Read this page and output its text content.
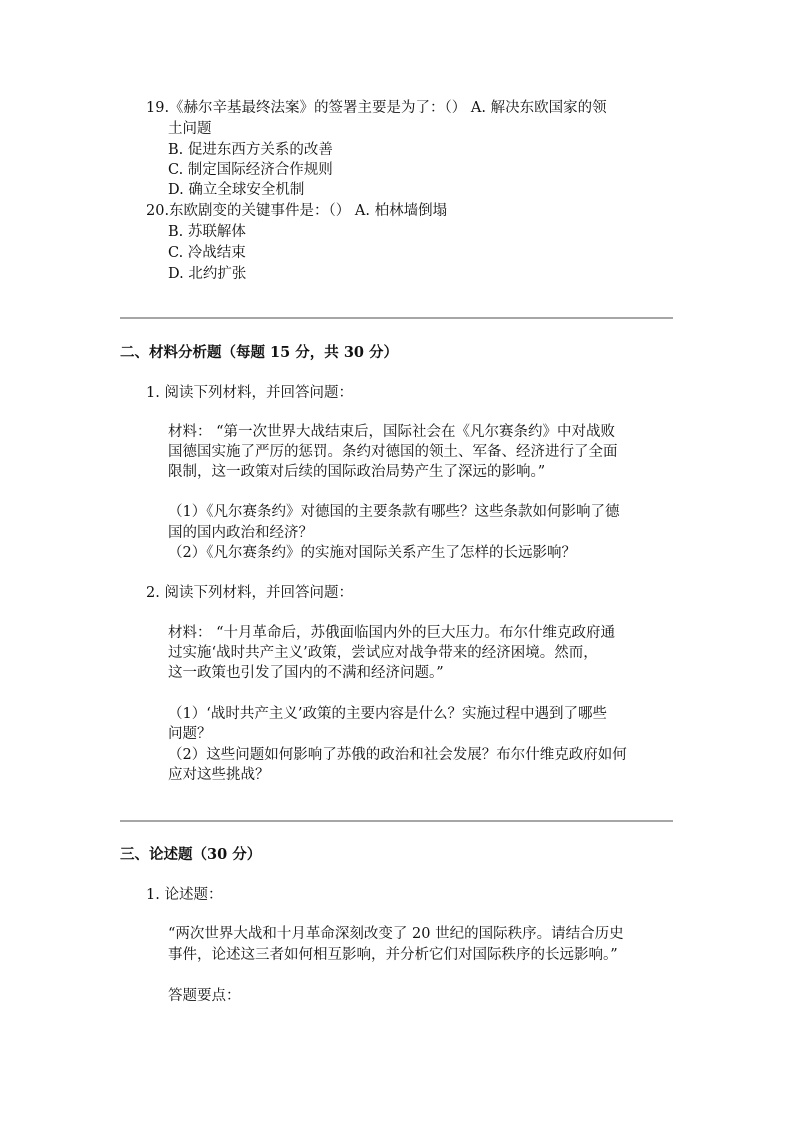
19.《赫尔辛基最终法案》的签署主要是为了：（） A. 解决东欧国家的领
土问题
B. 促进东西方关系的改善
C. 制定国际经济合作规则
D. 确立全球安全机制
20.东欧剧变的关键事件是：（） A. 柏林墙倒塌
B. 苏联解体
C. 冷战结束
D. 北约扩张
二、材料分析题（每题 15 分，共 30 分）
1. 阅读下列材料，并回答问题：
材料： “第一次世界大战结束后，国际社会在《凡尔赛条约》中对战败
国德国实施了严厉的惩罚。条约对德国的领土、军备、经济进行了全面
限制，这一政策对后续的国际政治局势产生了深远的影响。”
（1）《凡尔赛条约》对德国的主要条款有哪些？这些条款如何影响了德
国的国内政治和经济？
（2）《凡尔赛条约》的实施对国际关系产生了怎样的长远影响？
2. 阅读下列材料，并回答问题：
材料： “十月革命后，苏俄面临国内外的巨大压力。布尔什维克政府通
过实施‘战时共产主义’政策，尝试应对战争带来的经济困境。然而，
这一政策也引发了国内的不满和经济问题。”
（1）‘战时共产主义’政策的主要内容是什么？实施过程中遇到了哪些
问题？
（2）这些问题如何影响了苏俄的政治和社会发展？布尔什维克政府如何
应对这些挑战？
三、论述题（30 分）
1. 论述题：
“两次世界大战和十月革命深刻改变了 20 世纪的国际秩序。请结合历史
事件，论述这三者如何相互影响，并分析它们对国际秩序的长远影响。”
答题要点：
